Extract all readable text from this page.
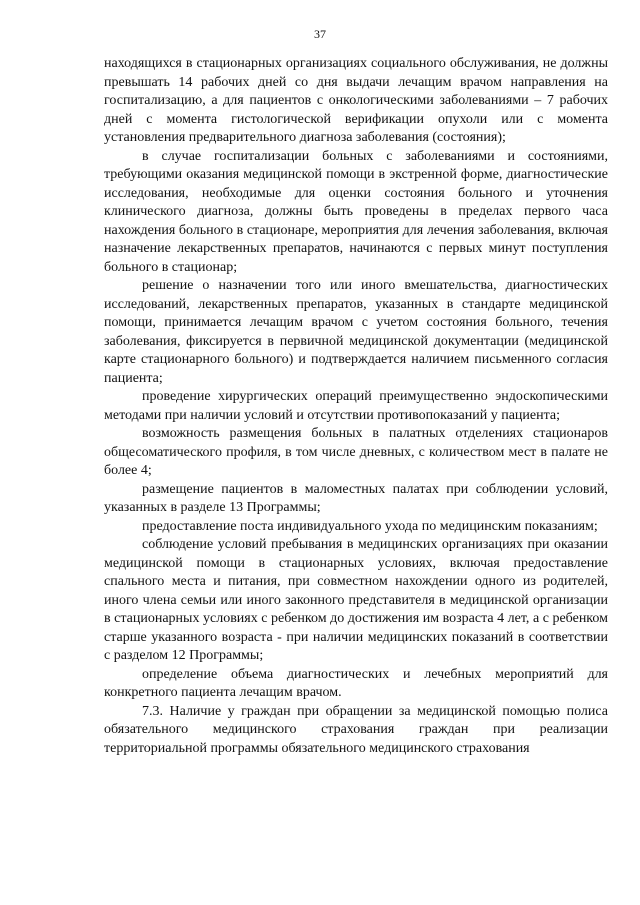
37

находящихся в стационарных организациях социального обслуживания, не должны превышать 14 рабочих дней со дня выдачи лечащим врачом направления на госпитализацию, а для пациентов с онкологическими заболеваниями – 7 рабочих дней с момента гистологической верификации опухоли или с момента установления предварительного диагноза заболевания (состояния);

в случае госпитализации больных с заболеваниями и состояниями, требующими оказания медицинской помощи в экстренной форме, диагностические исследования, необходимые для оценки состояния больного и уточнения клинического диагноза, должны быть проведены в пределах первого часа нахождения больного в стационаре, мероприятия для лечения заболевания, включая назначение лекарственных препаратов, начинаются с первых минут поступления больного в стационар;

решение о назначении того или иного вмешательства, диагностических исследований, лекарственных препаратов, указанных в стандарте медицинской помощи, принимается лечащим врачом с учетом состояния больного, течения заболевания, фиксируется в первичной медицинской документации (медицинской карте стационарного больного) и подтверждается наличием письменного согласия пациента;

проведение хирургических операций преимущественно эндоскопическими методами при наличии условий и отсутствии противопоказаний у пациента;

возможность размещения больных в палатных отделениях стационаров общесоматического профиля, в том числе дневных, с количеством мест в палате не более 4;

размещение пациентов в маломестных палатах при соблюдении условий, указанных в разделе 13 Программы;

предоставление поста индивидуального ухода по медицинским показаниям;

соблюдение условий пребывания в медицинских организациях при оказании медицинской помощи в стационарных условиях, включая предоставление спального места и питания, при совместном нахождении одного из родителей, иного члена семьи или иного законного представителя в медицинской организации в стационарных условиях с ребенком до достижения им возраста 4 лет, а с ребенком старше указанного возраста - при наличии медицинских показаний в соответствии с разделом 12 Программы;

определение объема диагностических и лечебных мероприятий для конкретного пациента лечащим врачом.

7.3. Наличие у граждан при обращении за медицинской помощью полиса обязательного медицинского страхования граждан при реализации территориальной программы обязательного медицинского страхования
